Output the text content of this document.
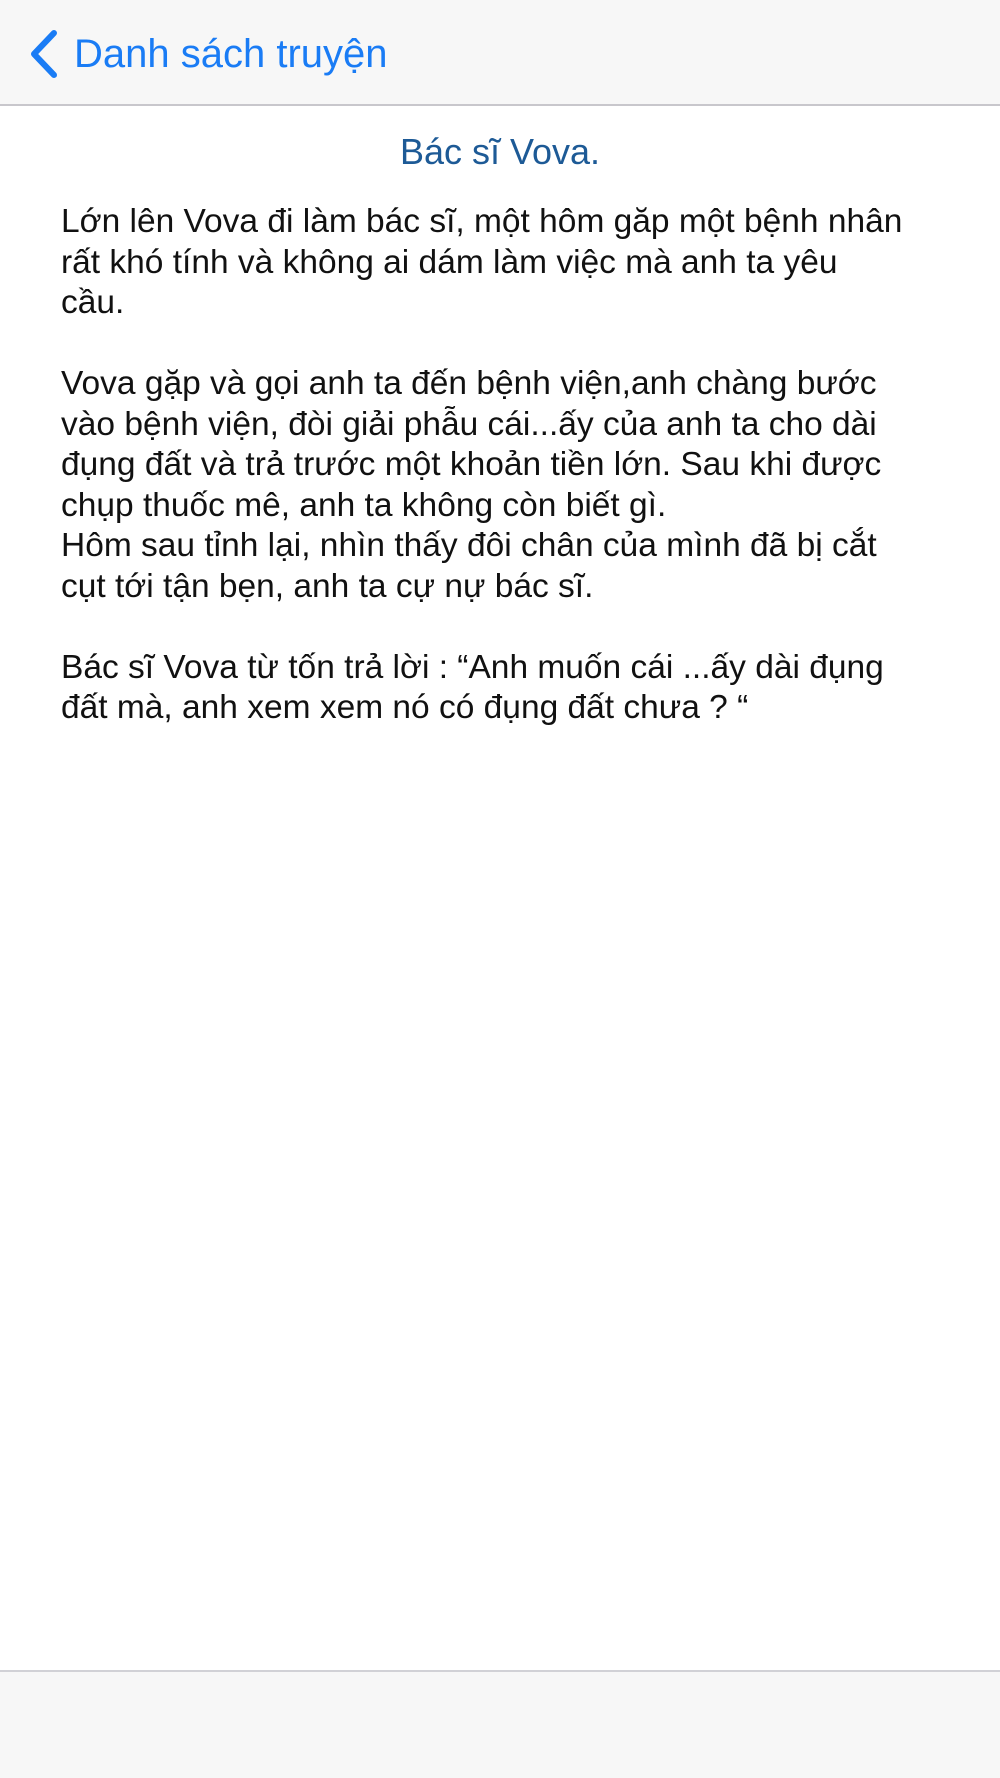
Danh sách truyện
Bác sĩ Vova.

Lớn lên Vova đi làm bác sĩ, một hôm găp một bệnh nhân
rất khó tính và không ai dám làm việc mà anh ta yêu
cầu.

Vova gặp và gọi anh ta đến bệnh viện,anh chàng bước
vào bệnh viện, đòi giải phẫu cái...ấy của anh ta cho dài
đụng đất và trả trước một khoản tiền lớn. Sau khi được
chụp thuốc mê, anh ta không còn biết gì.
Hôm sau tỉnh lại, nhìn thấy đôi chân của mình đã bị cắt
cụt tới tận bẹn, anh ta cự nự bác sĩ.

Bác sĩ Vova từ tốn trả lời : “Anh muốn cái ...ấy dài đụng
đất mà, anh xem xem nó có đụng đất chưa ? “
